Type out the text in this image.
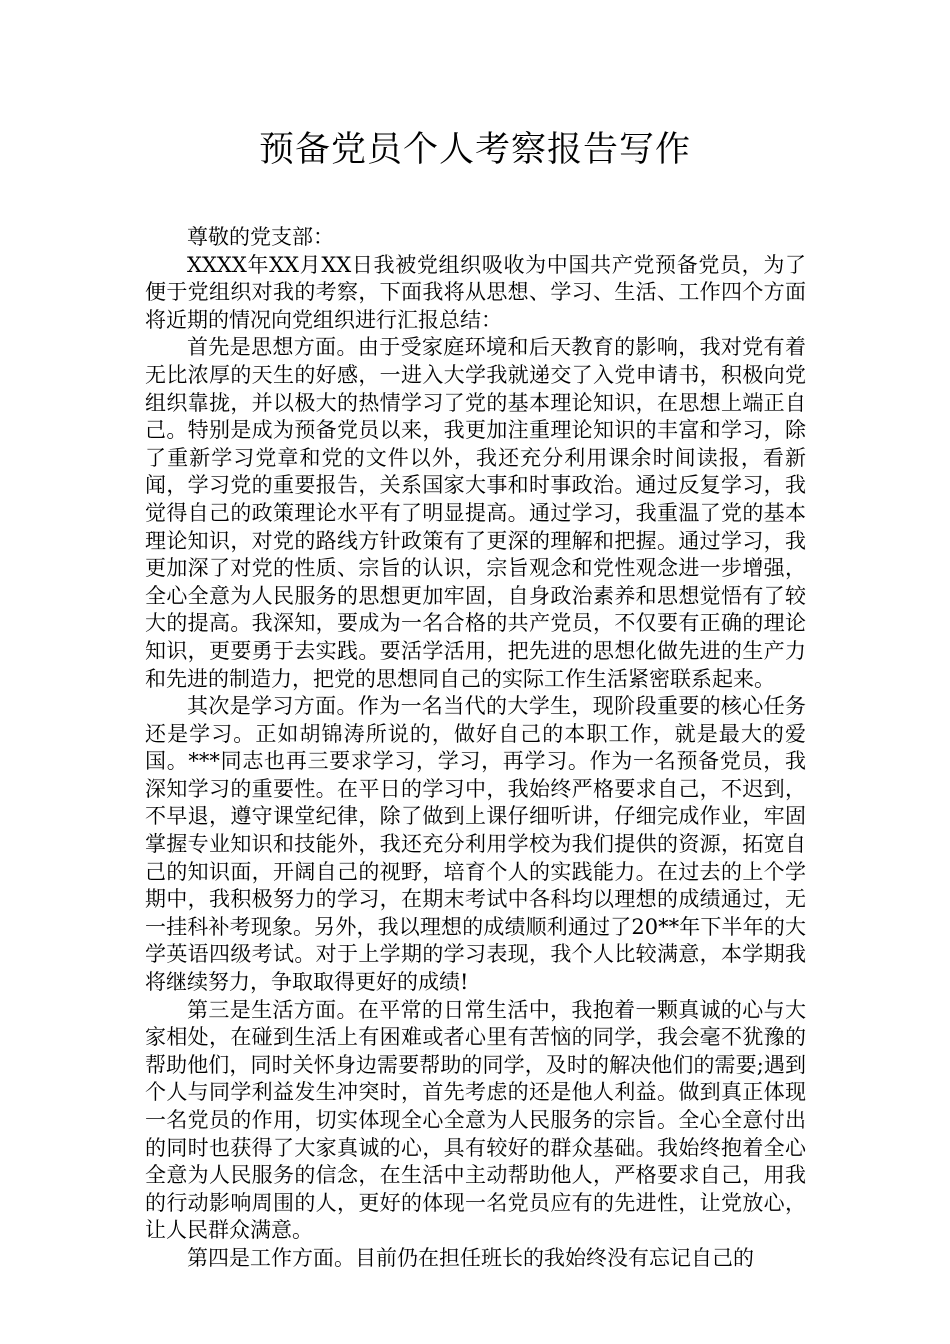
预备党员个人考察报告写作

尊敬的党支部：

XXXX年XX月XX日我被党组织吸收为中国共产党预备党员，为了便于党组织对我的考察，下面我将从思想、学习、生活、工作四个方面将近期的情况向党组织进行汇报总结：

首先是思想方面。由于受家庭环境和后天教育的影响，我对党有着无比浓厚的天生的好感，一进入大学我就递交了入党申请书，积极向党组织靠拢，并以极大的热情学习了党的基本理论知识，在思想上端正自己。特别是成为预备党员以来，我更加注重理论知识的丰富和学习，除了重新学习党章和党的文件以外，我还充分利用课余时间读报，看新闻，学习党的重要报告，关系国家大事和时事政治。通过反复学习，我觉得自己的政策理论水平有了明显提高。通过学习，我重温了党的基本理论知识，对党的路线方针政策有了更深的理解和把握。通过学习，我更加深了对党的性质、宗旨的认识，宗旨观念和党性观念进一步增强，全心全意为人民服务的思想更加牢固，自身政治素养和思想觉悟有了较大的提高。我深知，要成为一名合格的共产党员，不仅要有正确的理论知识，更要勇于去实践。要活学活用，把先进的思想化做先进的生产力和先进的制造力，把党的思想同自己的实际工作生活紧密联系起来。

其次是学习方面。作为一名当代的大学生，现阶段重要的核心任务还是学习。正如胡锦涛所说的，做好自己的本职工作，就是最大的爱国。***同志也再三要求学习，学习，再学习。作为一名预备党员，我深知学习的重要性。在平日的学习中，我始终严格要求自己，不迟到，不早退，遵守课堂纪律，除了做到上课仔细听讲，仔细完成作业，牢固掌握专业知识和技能外，我还充分利用学校为我们提供的资源，拓宽自己的知识面，开阔自己的视野，培育个人的实践能力。在过去的上个学期中，我积极努力的学习，在期末考试中各科均以理想的成绩通过，无一挂科补考现象。另外，我以理想的成绩顺利通过了20**年下半年的大学英语四级考试。对于上学期的学习表现，我个人比较满意，本学期我将继续努力，争取取得更好的成绩!

第三是生活方面。在平常的日常生活中，我抱着一颗真诚的心与大家相处，在碰到生活上有困难或者心里有苦恼的同学，我会毫不犹豫的帮助他们，同时关怀身边需要帮助的同学，及时的解决他们的需要;遇到个人与同学利益发生冲突时，首先考虑的还是他人利益。做到真正体现一名党员的作用，切实体现全心全意为人民服务的宗旨。全心全意付出的同时也获得了大家真诚的心，具有较好的群众基础。我始终抱着全心全意为人民服务的信念，在生活中主动帮助他人，严格要求自己，用我的行动影响周围的人，更好的体现一名党员应有的先进性，让党放心，让人民群众满意。

第四是工作方面。目前仍在担任班长的我始终没有忘记自己的
